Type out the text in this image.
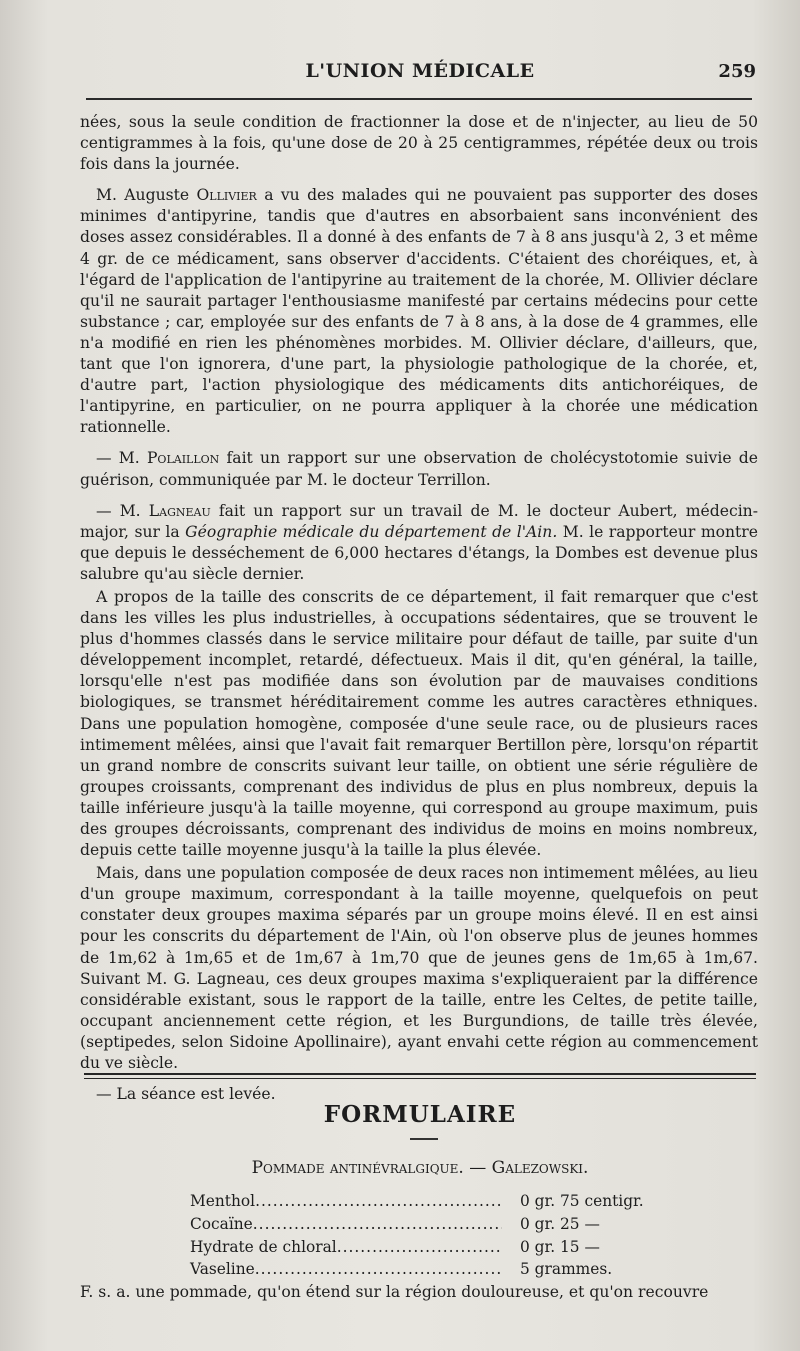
L'UNION MÉDICALE	259

nées, sous la seule condition de fractionner la dose et de n'injecter, au lieu de 50 centigrammes à la fois, qu'une dose de 20 à 25 centigrammes, répétée deux ou trois fois dans la journée.

M. Auguste Ollivier a vu des malades qui ne pouvaient pas supporter des doses minimes d'antipyrine, tandis que d'autres en absorbaient sans inconvénient des doses assez considérables. Il a donné à des enfants de 7 à 8 ans jusqu'à 2, 3 et même 4 gr. de ce médicament, sans observer d'accidents. C'étaient des choréiques, et, à l'égard de l'application de l'antipyrine au traitement de la chorée, M. Ollivier déclare qu'il ne saurait partager l'enthousiasme manifesté par certains médecins pour cette substance ; car, employée sur des enfants de 7 à 8 ans, à la dose de 4 grammes, elle n'a modifié en rien les phénomènes morbides. M. Ollivier déclare, d'ailleurs, que, tant que l'on ignorera, d'une part, la physiologie pathologique de la chorée, et, d'autre part, l'action physiologique des médicaments dits antichoréiques, de l'antipyrine, en particulier, on ne pourra appliquer à la chorée une médication rationnelle.

— M. Polaillon fait un rapport sur une observation de cholécystotomie suivie de guérison, communiquée par M. le docteur Terrillon.

— M. Lagneau fait un rapport sur un travail de M. le docteur Aubert, médecin-major, sur la Géographie médicale du département de l'Ain. M. le rapporteur montre que depuis le desséchement de 6,000 hectares d'étangs, la Dombes est devenue plus salubre qu'au siècle dernier.

A propos de la taille des conscrits de ce département, il fait remarquer que c'est dans les villes les plus industrielles, à occupations sédentaires, que se trouvent le plus d'hommes classés dans le service militaire pour défaut de taille, par suite d'un développement incomplet, retardé, défectueux. Mais il dit, qu'en général, la taille, lorsqu'elle n'est pas modifiée dans son évolution par de mauvaises conditions biologiques, se transmet héréditairement comme les autres caractères ethniques. Dans une population homogène, composée d'une seule race, ou de plusieurs races intimement mêlées, ainsi que l'avait fait remarquer Bertillon père, lorsqu'on répartit un grand nombre de conscrits suivant leur taille, on obtient une série régulière de groupes croissants, comprenant des individus de plus en plus nombreux, depuis la taille inférieure jusqu'à la taille moyenne, qui correspond au groupe maximum, puis des groupes décroissants, comprenant des individus de moins en moins nombreux, depuis cette taille moyenne jusqu'à la taille la plus élevée.

Mais, dans une population composée de deux races non intimement mêlées, au lieu d'un groupe maximum, correspondant à la taille moyenne, quelquefois on peut constater deux groupes maxima séparés par un groupe moins élevé. Il en est ainsi pour les conscrits du département de l'Ain, où l'on observe plus de jeunes hommes de 1m,62 à 1m,65 et de 1m,67 à 1m,70 que de jeunes gens de 1m,65 à 1m,67. Suivant M. G. Lagneau, ces deux groupes maxima s'expliqueraient par la différence considérable existant, sous le rapport de la taille, entre les Celtes, de petite taille, occupant anciennement cette région, et les Burgundions, de taille très élevée, (septipedes, selon Sidoine Apollinaire), ayant envahi cette région au commencement du ve siècle.

— La séance est levée.

FORMULAIRE
Pommade antinévralgique. — Galezowski.
Menthol .....	0 gr. 75 centigr.
Cocaïne .....	0 gr. 25 —
Hydrate de chloral .....	0 gr. 15 —
Vaseline .....	5 grammes.
F. s. a. une pommade, qu'on étend sur la région douloureuse, et qu'on recouvre
